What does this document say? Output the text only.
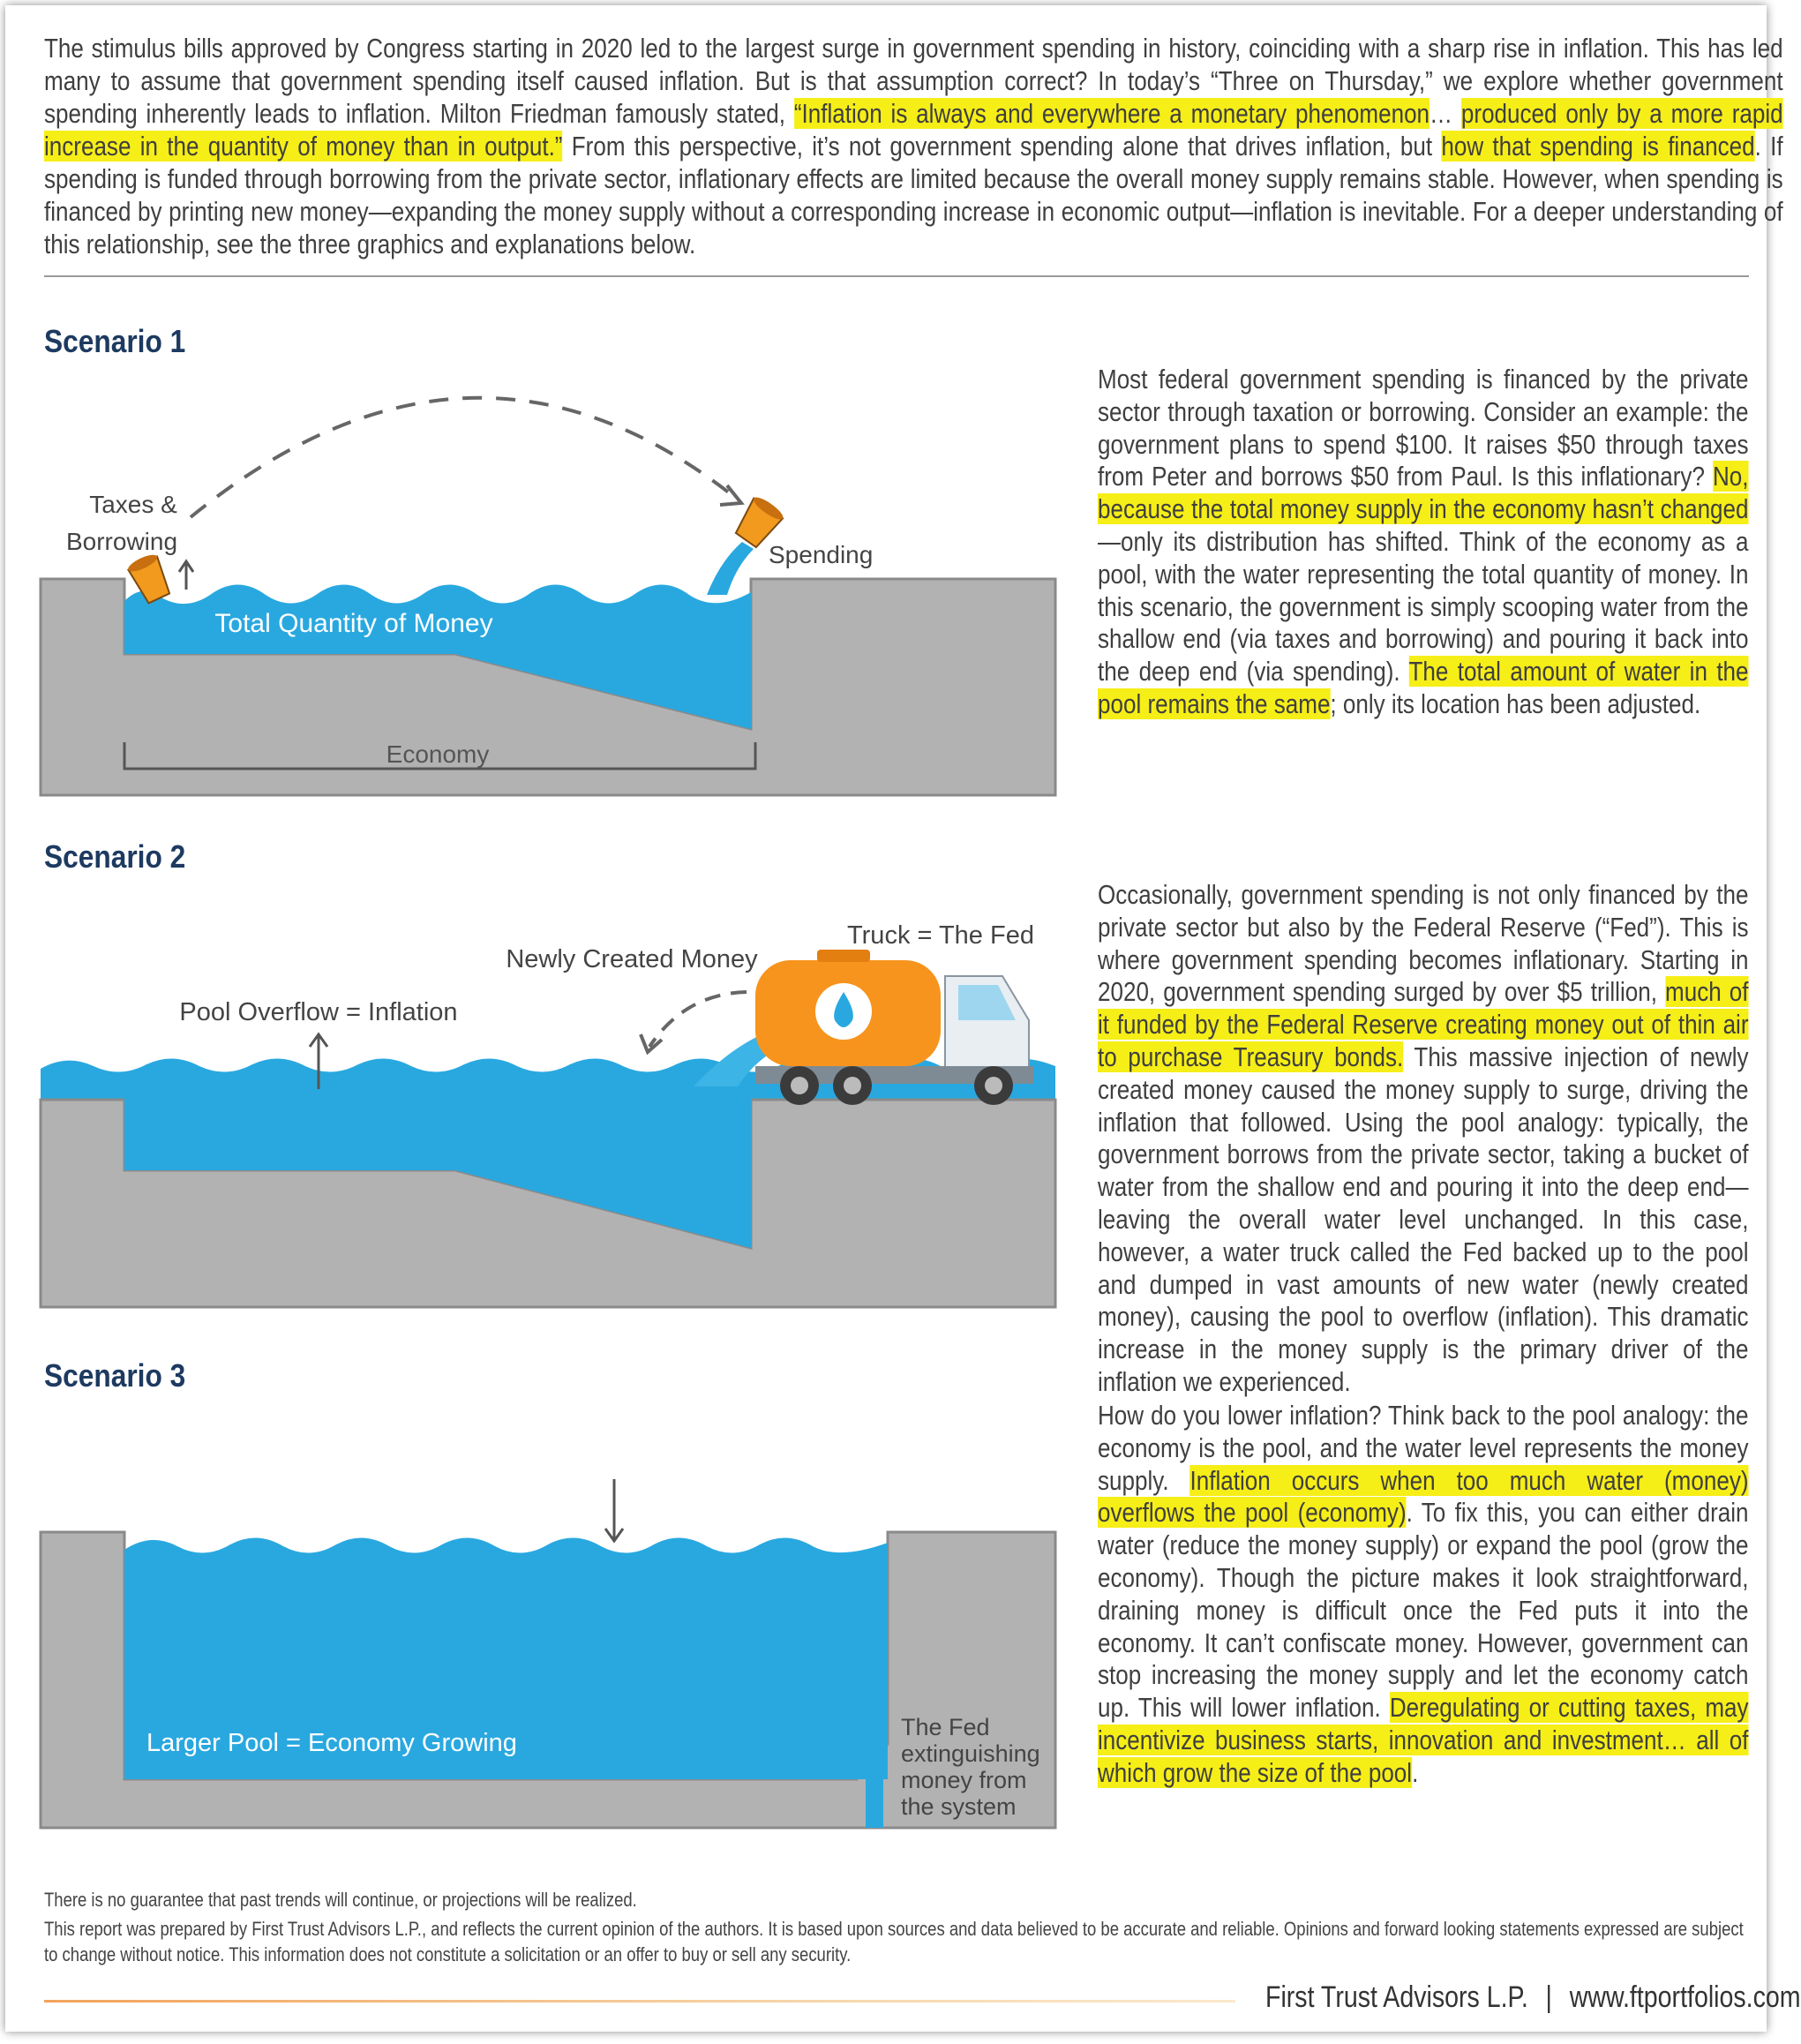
The stimulus bills approved by Congress starting in 2020 led to the largest surge in government spending in history, coinciding with a sharp rise in inflation. This has led many to assume that government spending itself caused inflation. But is that assumption correct? In today’s “Three on Thursday,” we explore whether government spending inherently leads to inflation. Milton Friedman famously stated, “Inflation is always and everywhere a monetary phenomenon… produced only by a more rapid increase in the quantity of money than in output.” From this perspective, it’s not government spending alone that drives inflation, but how that spending is financed. If spending is funded through borrowing from the private sector, inflationary effects are limited because the overall money supply remains stable. However, when spending is financed by printing new money—expanding the money supply without a corresponding increase in economic output—inflation is inevitable. For a deeper understanding of this relationship, see the three graphics and explanations below.

Scenario 1
Total Quantity of Money
Economy
Taxes &
Borrowing	Spending

Most federal government spending is financed by the private sector through taxation or borrowing. Consider an example: the government plans to spend $100. It raises $50 through taxes from Peter and borrows $50 from Paul. Is this inflationary? No, because the total money supply in the economy hasn’t changed—only its distribution has shifted. Think of the economy as a pool, with the water representing the total quantity of money. In this scenario, the government is simply scooping water from the shallow end (via taxes and borrowing) and pouring it back into the deep end (via spending). The total amount of water in the pool remains the same; only its location has been adjusted.

Scenario 2
Pool Overflow = Inflation
Newly Created Money
Truck = The Fed

Occasionally, government spending is not only financed by the private sector but also by the Federal Reserve (“Fed”). This is where government spending becomes inflationary. Starting in 2020, government spending surged by over $5 trillion, much of it funded by the Federal Reserve creating money out of thin air to purchase Treasury bonds. This massive injection of newly created money caused the money supply to surge, driving the inflation that followed. Using the pool analogy: typically, the government borrows from the private sector, taking a bucket of water from the shallow end and pouring it into the deep end—leaving the overall water level unchanged. In this case, however, a water truck called the Fed backed up to the pool and dumped in vast amounts of new water (newly created money), causing the pool to overflow (inflation). This dramatic increase in the money supply is the primary driver of the inflation we experienced.

Scenario 3
Larger Pool = Economy Growing
The Fed
extinguishing
money from
the system

How do you lower inflation? Think back to the pool analogy: the economy is the pool, and the water level represents the money supply. Inflation occurs when too much water (money) overflows the pool (economy). To fix this, you can either drain water (reduce the money supply) or expand the pool (grow the economy). Though the picture makes it look straightforward, draining money is difficult once the Fed puts it into the economy. It can’t confiscate money. However, government can stop increasing the money supply and let the economy catch up. This will lower inflation. Deregulating or cutting taxes, may incentivize business starts, innovation and investment… all of which grow the size of the pool.

There is no guarantee that past trends will continue, or projections will be realized.

This report was prepared by First Trust Advisors L.P., and reflects the current opinion of the authors. It is based upon sources and data believed to be accurate and reliable. Opinions and forward looking statements expressed are subject to change without notice. This information does not constitute a solicitation or an offer to buy or sell any security.

First Trust Advisors L.P. | www.ftportfolios.com
